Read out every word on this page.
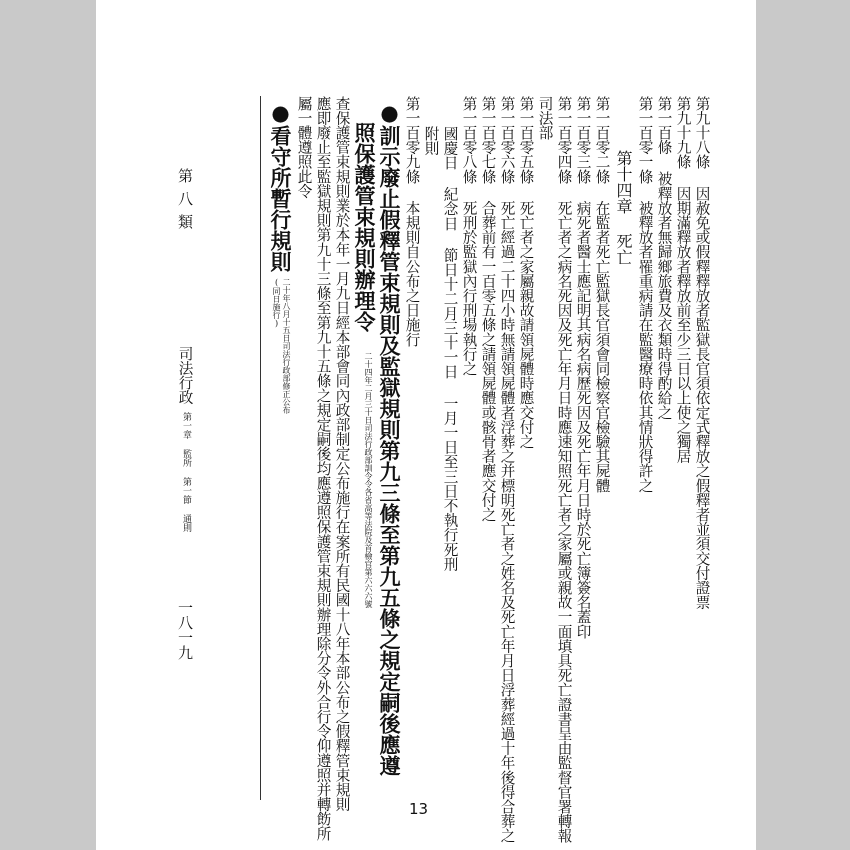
第九十八條 因赦免或假釋釋放者監獄長官須依定式釋放之假釋者並須交付證票
第九十九條 因期滿釋放者釋放前至少三日以上使之獨居
第一百條 被釋放者無歸鄉旅費及衣類時得酌給之
第一百零一條 被釋放者罹重病請在監醫療時依其情狀得許之
第十四章 死亡
第一百零二條 在監者死亡監獄長官須會同檢察官檢驗其屍體
第一百零三條 病死者醫士應記明其病名病歷死因及死亡年月日時於死亡簿簽名蓋印
第一百零四條 死亡者之病名死因及死亡年月日時應速知照死亡者之家屬或親故一面填具死亡證書呈由監督官署轉報
司法部
第一百零五條 死亡者之家屬親故請領屍體時應交付之
第一百零六條 死亡經過二十四小時無請領屍體者浮葬之并標明死亡者之姓名及死亡年月日浮葬經過十年後得合葬之
第一百零七條 合葬前有一百零五條之請領屍體或骸骨者應交付之
第一百零八條 死刑於監獄內行刑場執行之
國慶日 紀念日 節日十二月三十一日 一月一日至三日不執行死刑
附則
第一百零九條 本規則自公布之日施行
●訓示廢止假釋管束規則及監獄規則第九三條至第九五條之規定嗣後應遵
照保護管束規則辦理令
二十四年二月三十日司法行政部訓令令各省高等法院及首檢官第六六六號
查保護管束規則業於本年一月九日經本部會同內政部制定公布施行在案所有民國十八年本部公布之假釋管束規則
應即廢止至監獄規則第九十三條至第九十五條之規定嗣後均應遵照保護管束規則辦理除分令外合行令仰遵照并轉飭所
屬一體遵照此令
●看守所暫行規則
二十年八月十五日司法行政部修正公布
(同日施行)
第八類
司法行政
第一章 監所 第一節 通則
一八一九
13
